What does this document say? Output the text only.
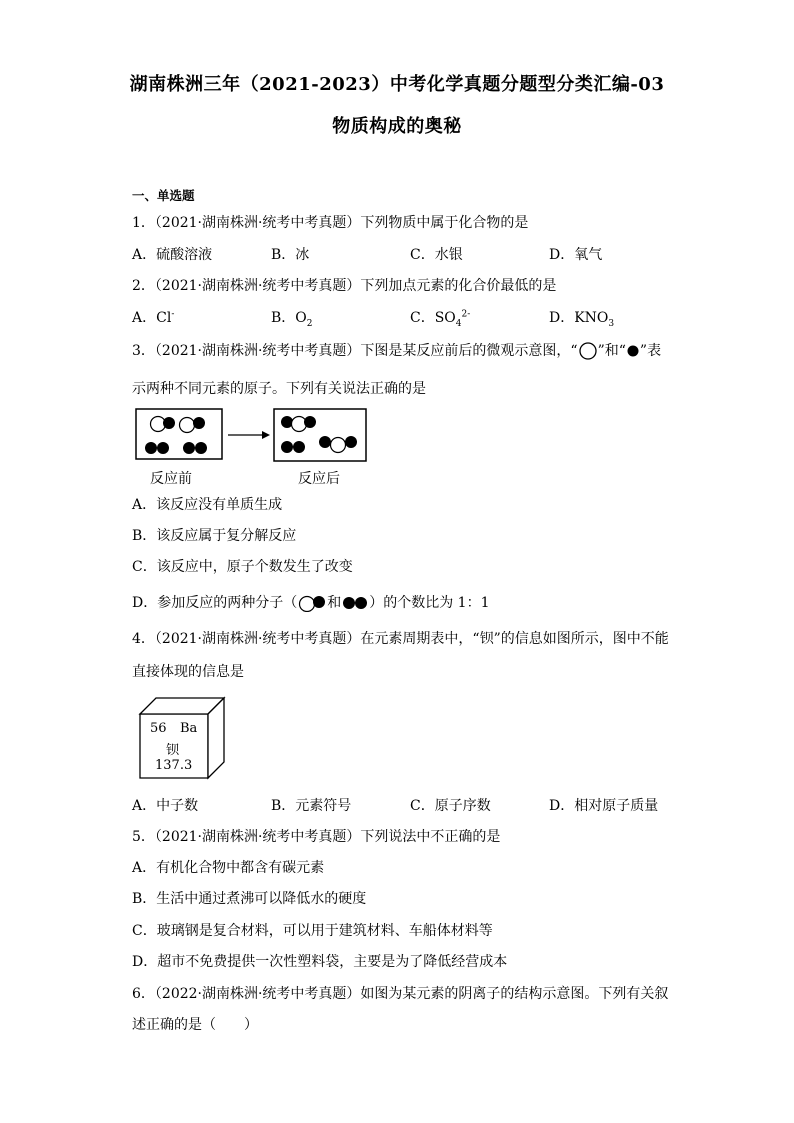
湖南株洲三年（2021-2023）中考化学真题分题型分类汇编-03
物质构成的奥秘
一、单选题
1．（2021·湖南株洲·统考中考真题）下列物质中属于化合物的是
A．硫酸溶液	B．冰	C．水银	D．氧气
2．（2021·湖南株洲·统考中考真题）下列加点元素的化合价最低的是
A．Cl-	B．$O_2$	C．$SO_4^{2-}$	D．$KNO_3$
3．（2021·湖南株洲·统考中考真题）下图是某反应前后的微观示意图，“ ”和“ ”表
示两种不同元素的原子。下列有关说法正确的是
反应前	反应后
A．该反应没有单质生成
B．该反应属于复分解反应
C．该反应中，原子个数发生了改变
D．参加反应的两种分子（ 和 ）的个数比为 1：1
4．（2021·湖南株洲·统考中考真题）在元素周期表中，“钡”的信息如图所示，图中不能
直接体现的信息是
56 Ba
钡
137.3
A．中子数	B．元素符号	C．原子序数	D．相对原子质量
5．（2021·湖南株洲·统考中考真题）下列说法中不正确的是
A．有机化合物中都含有碳元素
B．生活中通过煮沸可以降低水的硬度
C．玻璃钢是复合材料，可以用于建筑材料、车船体材料等
D．超市不免费提供一次性塑料袋，主要是为了降低经营成本
6．（2022·湖南株洲·统考中考真题）如图为某元素的阴离子的结构示意图。下列有关叙
述正确的是（　　）
